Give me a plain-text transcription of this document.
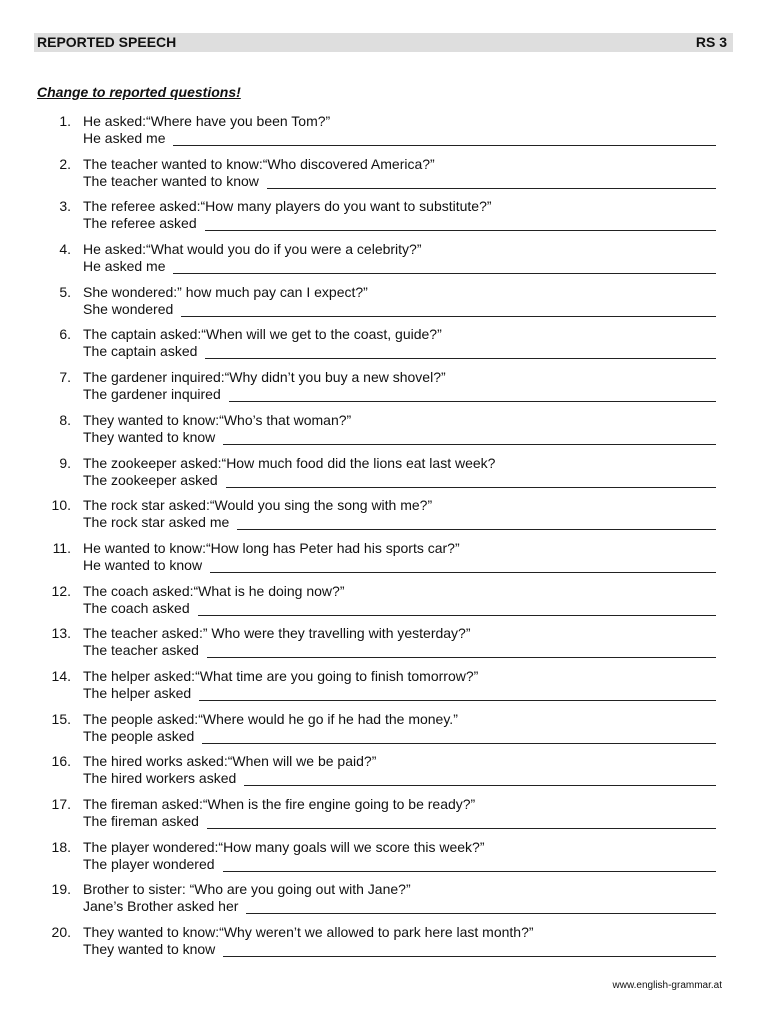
REPORTED SPEECH	RS 3
Change to reported questions!
1. He asked:“Where have you been Tom?”
He asked me
2. The teacher wanted to know:“Who discovered America?”
The teacher wanted to know
3. The referee asked:“How many players do you want to substitute?”
The referee asked
4. He asked:“What would you do if you were a celebrity?”
He asked me
5. She wondered:” how much pay can I expect?”
She wondered
6. The captain asked:“When will we get to the coast, guide?”
The captain asked
7. The gardener inquired:“Why didn’t you buy a new shovel?”
The gardener inquired
8. They wanted to know:“Who’s that woman?”
They wanted to know
9. The zookeeper asked:“How much food did the lions eat last week?
The zookeeper asked
10. The rock star asked:“Would you sing the song with me?”
The rock star asked me
11. He wanted to know:“How long has Peter had his sports car?”
He wanted to know
12. The coach asked:“What is he doing now?”
The coach asked
13. The teacher asked:” Who were they travelling with yesterday?”
The teacher asked
14. The helper asked:“What time are you going to finish tomorrow?”
The helper asked
15. The people asked:“Where would he go if he had the money.”
The people asked
16. The hired works asked:“When will we be paid?”
The hired workers asked
17. The fireman asked:“When is the fire engine going to be ready?”
The fireman asked
18. The player wondered:“How many goals will we score this week?”
The player wondered
19. Brother to sister: “Who are you going out with Jane?”
Jane’s Brother asked her
20. They wanted to know:“Why weren’t we allowed to park here last month?”
They wanted to know
www.english-grammar.at
